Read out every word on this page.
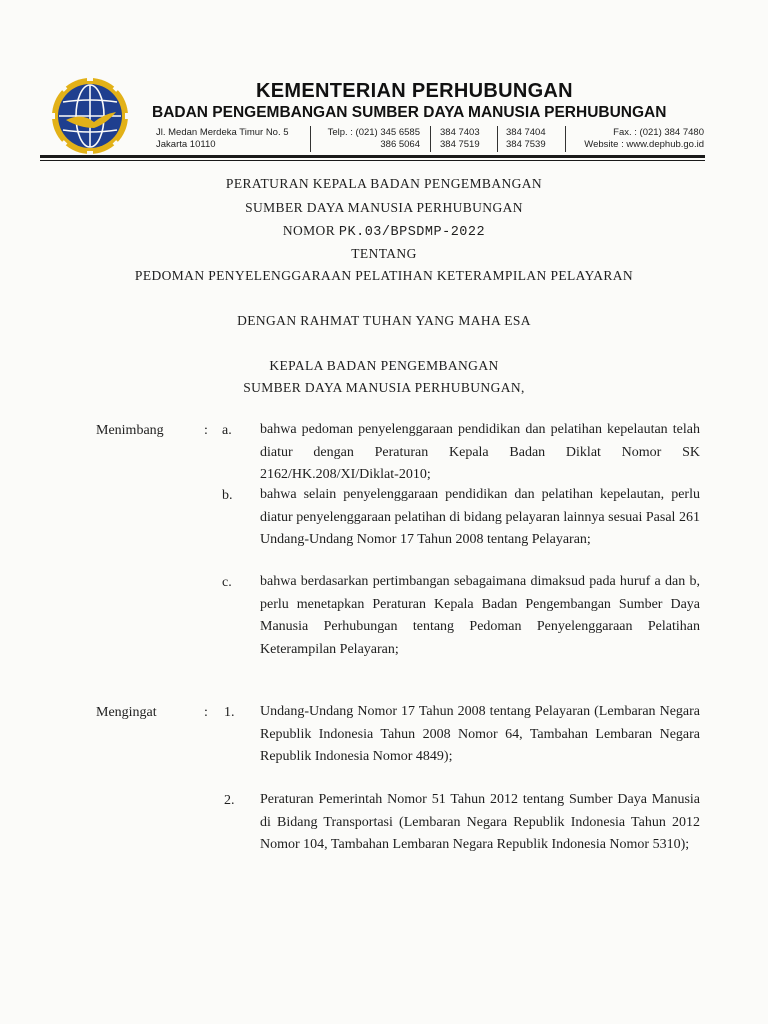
KEMENTERIAN PERHUBUNGAN
BADAN PENGEMBANGAN SUMBER DAYA MANUSIA PERHUBUNGAN
Jl. Medan Merdeka Timur No. 5
Jakarta 10110
Telp. : (021) 345 6585
386 5064
384 7403
384 7519
384 7404
384 7539
Fax. : (021) 384 7480
Website : www.dephub.go.id
PERATURAN KEPALA BADAN PENGEMBANGAN
SUMBER DAYA MANUSIA PERHUBUNGAN
NOMOR PK.03/BPSDMP-2022
TENTANG
PEDOMAN PENYELENGGARAAN PELATIHAN KETERAMPILAN PELAYARAN
DENGAN RAHMAT TUHAN YANG MAHA ESA
KEPALA BADAN PENGEMBANGAN
SUMBER DAYA MANUSIA PERHUBUNGAN,
Menimbang	: a. bahwa pedoman penyelenggaraan pendidikan dan pelatihan kepelautan telah diatur dengan Peraturan Kepala Badan Diklat Nomor SK 2162/HK.208/XI/Diklat-2010;
b. bahwa selain penyelenggaraan pendidikan dan pelatihan kepelautan, perlu diatur penyelenggaraan pelatihan di bidang pelayaran lainnya sesuai Pasal 261 Undang-Undang Nomor 17 Tahun 2008 tentang Pelayaran;
c. bahwa berdasarkan pertimbangan sebagaimana dimaksud pada huruf a dan b, perlu menetapkan Peraturan Kepala Badan Pengembangan Sumber Daya Manusia Perhubungan tentang Pedoman Penyelenggaraan Pelatihan Keterampilan Pelayaran;
Mengingat	: 1. Undang-Undang Nomor 17 Tahun 2008 tentang Pelayaran (Lembaran Negara Republik Indonesia Tahun 2008 Nomor 64, Tambahan Lembaran Negara Republik Indonesia Nomor 4849);
2. Peraturan Pemerintah Nomor 51 Tahun 2012 tentang Sumber Daya Manusia di Bidang Transportasi (Lembaran Negara Republik Indonesia Tahun 2012 Nomor 104, Tambahan Lembaran Negara Republik Indonesia Nomor 5310);
